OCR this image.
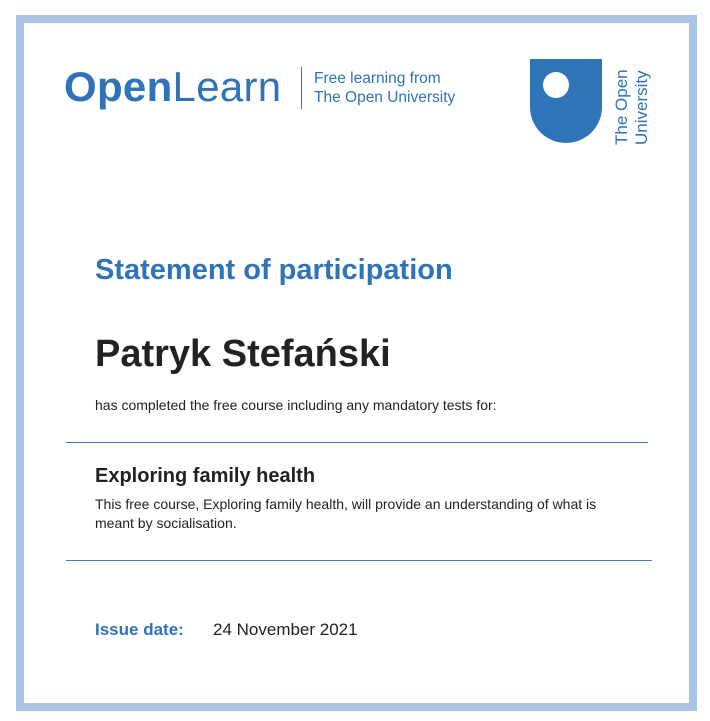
OpenLearn Free learning from
The Open University	The Open University
Statement of participation
Patryk Stefański
has completed the free course including any mandatory tests for:
Exploring family health
This free course, Exploring family health, will provide an understanding of what is meant by socialisation.
Issue date: 24 November 2021
